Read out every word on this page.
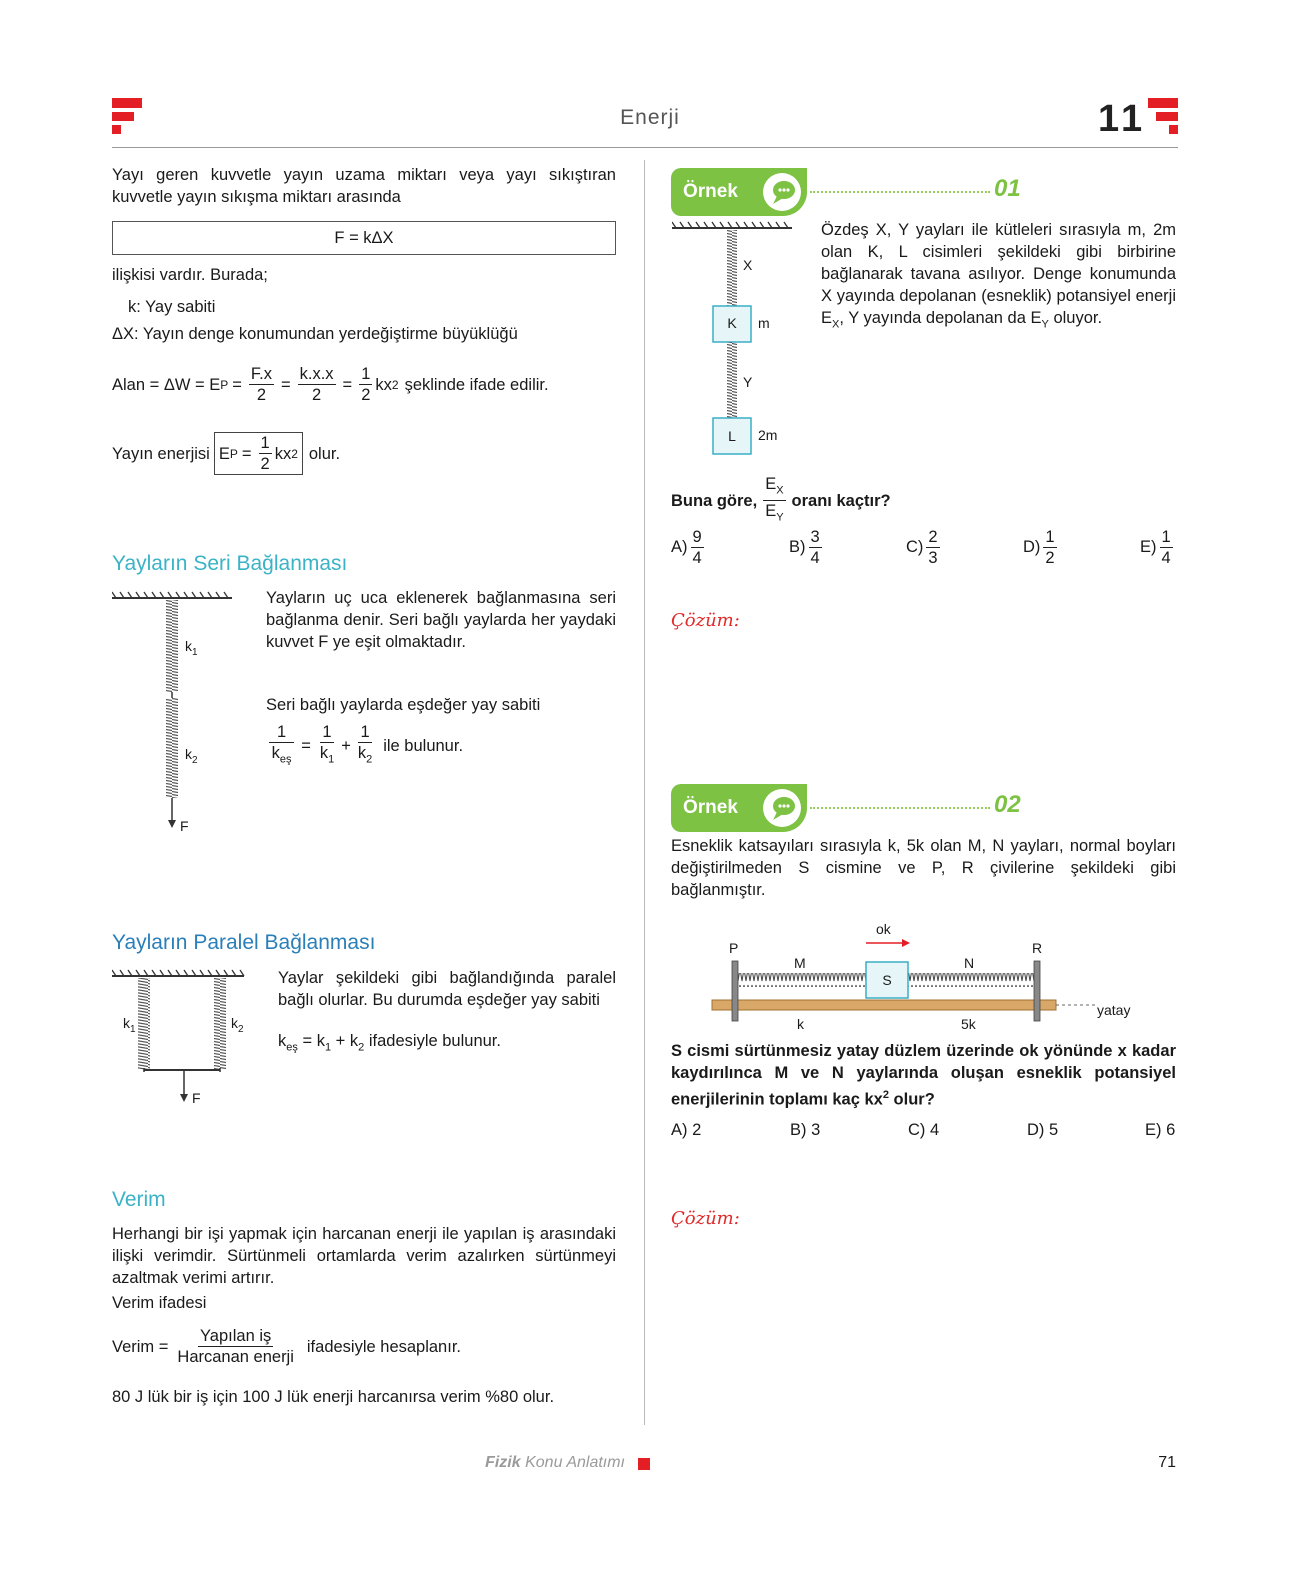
Enerji	11
Yayı geren kuvvetle yayın uzama miktarı veya yayı sıkıştıran kuvvetle yayın sıkışma miktarı arasında
F = kΔX
ilişkisi vardır. Burada;
k: Yay sabiti
ΔX: Yayın denge konumundan yerdeğiştirme büyüklüğü
Alan = ΔW = E $P = \frac{F.x}{2} = \frac{k.x.x}{2} = \frac{1}{2}$ kx 2 şeklinde ifade edilir.
Yayın enerjisi E $P = \frac{1}{2}$ kx 2 olur.
Yayların Seri Bağlanması
$k_1$
$k_2$
F
Yayların uç uca eklenerek bağlanmasına seri bağlanma denir. Seri bağlı yaylarda her yaydaki kuvvet F ye eşit olmaktadır.
Seri bağlı yaylarda eşdeğer yay sabiti
$\frac{1}{k_{eş}} = \frac{1}{k_1} + \frac{1}{k_2}$ ile bulunur.
Yayların Paralel Bağlanması
$k_1$	$k_2$
F
Yaylar şekildeki gibi bağlandığında paralel bağlı olurlar. Bu durumda eşdeğer yay sabiti
$k_{eş} = k_1 + k_2$ ifadesiyle bulunur.
Verim
Herhangi bir işi yapmak için harcanan enerji ile yapılan iş arasındaki ilişki verimdir. Sürtünmeli ortamlarda verim azalırken sürtünmeyi azaltmak verimi artırır.
Verim ifadesi
Verim = $\frac{\text{Yapılan iş}}{\text{Harcanan enerji}}$ ifadesiyle hesaplanır.
80 J lük bir iş için 100 J lük enerji harcanırsa verim %80 olur.
Örnek	01
X
K	m
Y
L	2m
Özdeş X, Y yayları ile kütleleri sırasıyla m, 2m olan K, L cisimleri şekildeki gibi birbirine bağlanarak tavana asılıyor. Denge konumunda X yayında depolanan (esneklik) potansiyel enerji $E_X$, Y yayında depolanan da $E_Y$ oluyor.
Buna göre, $\frac{E_X}{E_Y}$ oranı kaçtır?
$A) \frac{9}{4}$	$B) \frac{3}{4}$	$C) \frac{2}{3}$	$D) \frac{1}{2}$	$E) \frac{1}{4}$
Çözüm:
Örnek	02
Esneklik katsayıları sırasıyla k, 5k olan M, N yayları, normal boyları değiştirilmeden S cismine ve P, R çivilerine şekildeki gibi bağlanmıştır.
ok
P	R
M	N
S
k	5k
yatay
S cismi sürtünmesiz yatay düzlem üzerinde ok yönünde x kadar kaydırılınca M ve N yaylarında oluşan esneklik potansiyel enerjilerinin toplamı kaç $kx^2$ olur?
A) 2	B) 3	C) 4	D) 5	E) 6
Çözüm:
Fizik Konu Anlatımı	71
